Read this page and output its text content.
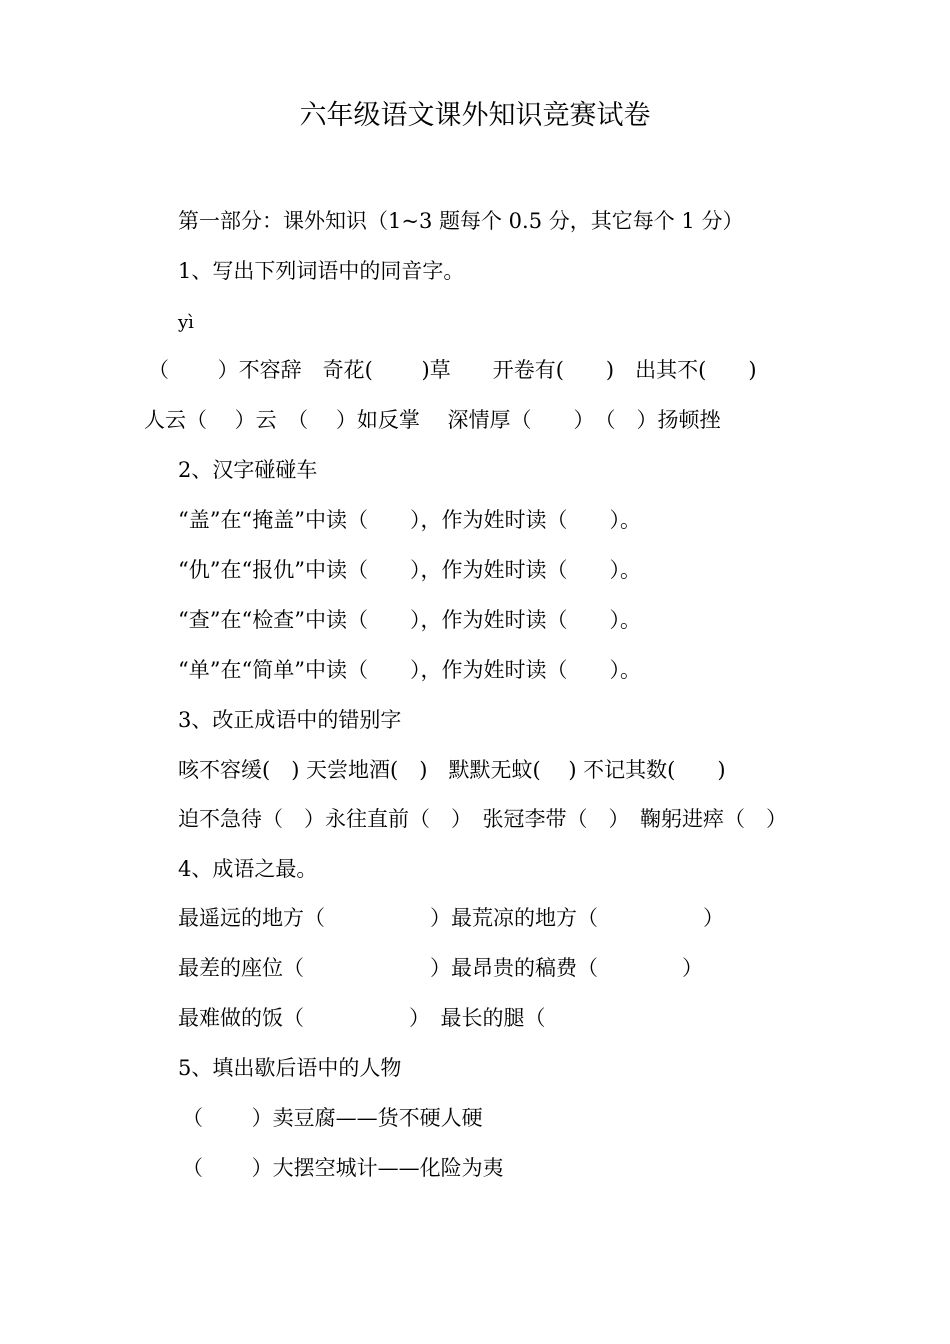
六年级语文课外知识竞赛试卷
第一部分：课外知识（1~3 题每个 0.5 分，其它每个 1 分）
1、写出下列词语中的同音字。
yì
（　　 ）不容辞　奇花(　　 )草　　开卷有(　　)　出其不(　　)
人云（　 ）云　（　 ）如反掌　 深情厚（　　）　（　）扬顿挫
2、汉字碰碰车
“盖”在“掩盖”中读（　　），作为姓时读（　　）。
“仇”在“报仇”中读（　　），作为姓时读（　　）。
“查”在“检查”中读（　　），作为姓时读（　　）。
“单”在“简单”中读（　　），作为姓时读（　　）。
3、改正成语中的错别字
咳不容缓(　) 天尝地酒(　)　默默无蚊(　 ) 不记其数(　　)
迫不急待（　）永往直前（　）　张冠李带（　）　鞠躬进瘁（　）
4、成语之最。
最遥远的地方（　　　　　）最荒凉的地方（　　　　　）
最差的座位（　　　　　　）最昂贵的稿费（　　　　）
最难做的饭（　　　　　）　最长的腿（
5、填出歇后语中的人物
（　　 ）卖豆腐——货不硬人硬
（　　 ）大摆空城计——化险为夷
